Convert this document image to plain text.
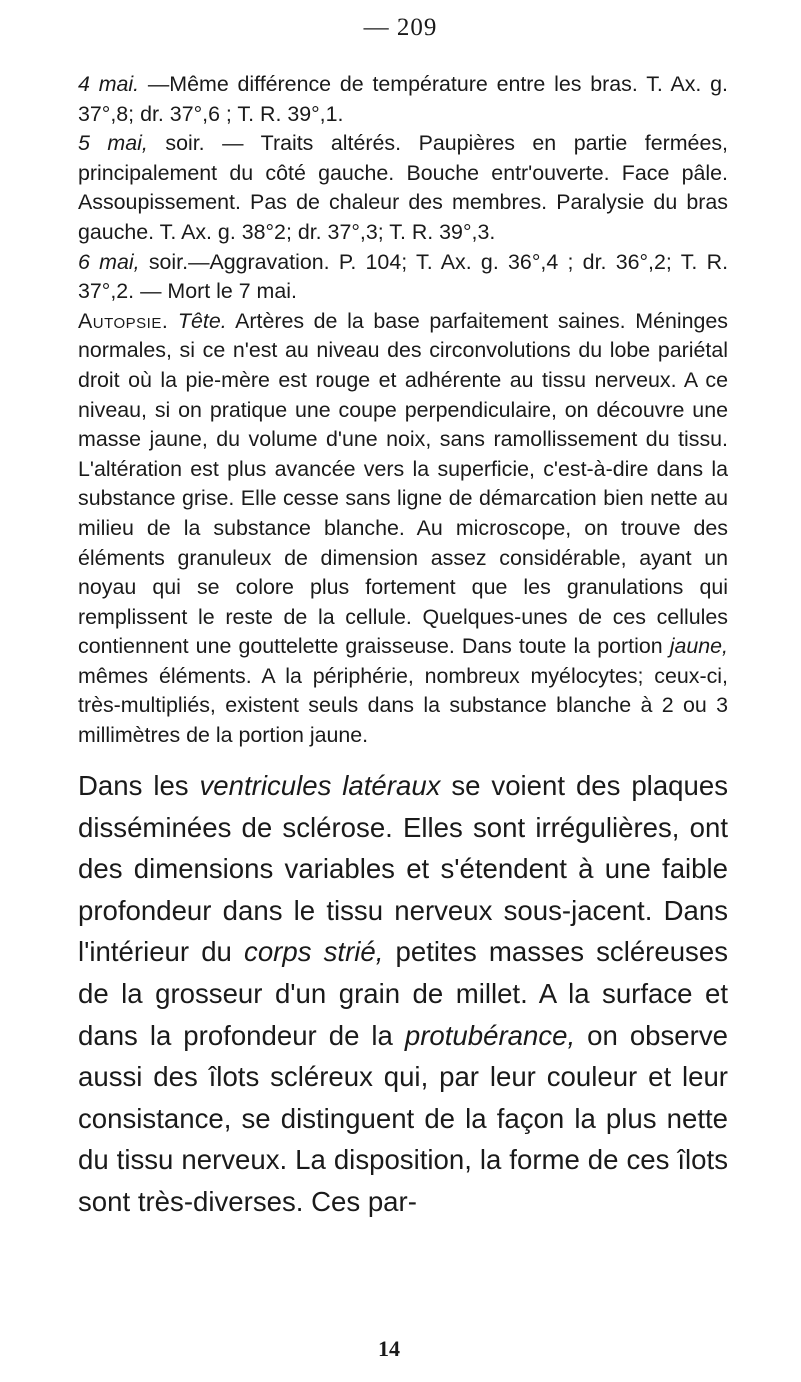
— 209

4 mai. —Même différence de température entre les bras. T. Ax. g. 37°,8; dr. 37°,6 ; T. R. 39°,1.

5 mai, soir. — Traits altérés. Paupières en partie fermées, principalement du côté gauche. Bouche entr'ouverte. Face pâle. Assoupissement. Pas de chaleur des membres. Paralysie du bras gauche. T. Ax. g. 38°2; dr. 37°,3; T. R. 39°,3.

6 mai, soir.—Aggravation. P. 104; T. Ax. g. 36°,4 ; dr. 36°,2; T. R. 37°,2. — Mort le 7 mai.

Autopsie. Tête. Artères de la base parfaitement saines. Méninges normales, si ce n'est au niveau des circonvolutions du lobe pariétal droit où la pie-mère est rouge et adhérente au tissu nerveux. A ce niveau, si on pratique une coupe perpendiculaire, on découvre une masse jaune, du volume d'une noix, sans ramollissement du tissu. L'altération est plus avancée vers la superficie, c'est-à-dire dans la substance grise. Elle cesse sans ligne de démarcation bien nette au milieu de la substance blanche. Au microscope, on trouve des éléments granuleux de dimension assez considérable, ayant un noyau qui se colore plus fortement que les granulations qui remplissent le reste de la cellule. Quelques-unes de ces cellules contiennent une gouttelette graisseuse. Dans toute la portion jaune, mêmes éléments. A la périphérie, nombreux myélocytes; ceux-ci, très-multipliés, existent seuls dans la substance blanche à 2 ou 3 millimètres de la portion jaune.

Dans les ventricules latéraux se voient des plaques disséminées de sclérose. Elles sont irrégulières, ont des dimensions variables et s'étendent à une faible profondeur dans le tissu nerveux sous-jacent. Dans l'intérieur du corps strié, petites masses scléreuses de la grosseur d'un grain de millet. A la surface et dans la profondeur de la protubérance, on observe aussi des îlots scléreux qui, par leur couleur et leur consistance, se distinguent de la façon la plus nette du tissu nerveux. La disposition, la forme de ces îlots sont très-diverses. Ces par-

14
